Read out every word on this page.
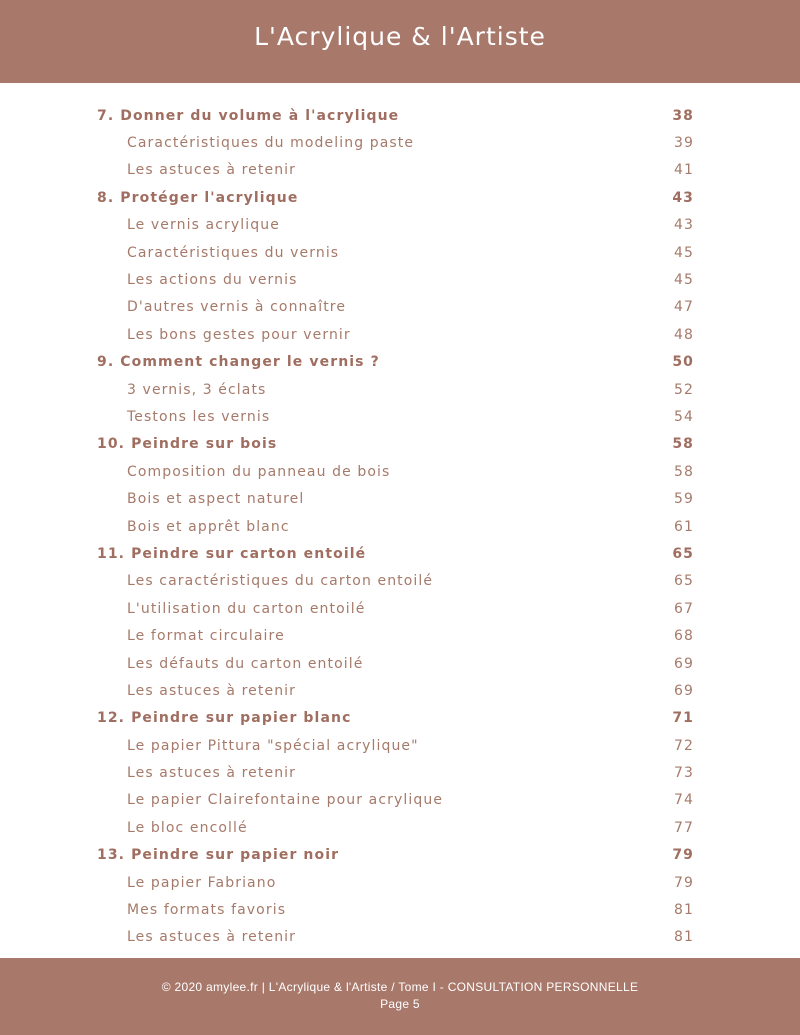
L'Acrylique & l'Artiste
7. Donner du volume à l'acrylique	38
Caractéristiques du modeling paste	39
Les astuces à retenir	41
8. Protéger l'acrylique	43
Le vernis acrylique	43
Caractéristiques du vernis	45
Les actions du vernis	45
D'autres vernis à connaître	47
Les bons gestes pour vernir	48
9. Comment changer le vernis ?	50
3 vernis, 3 éclats	52
Testons les vernis	54
10. Peindre sur bois	58
Composition du panneau de bois	58
Bois et aspect naturel	59
Bois et apprêt blanc	61
11. Peindre sur carton entoilé	65
Les caractéristiques du carton entoilé	65
L'utilisation du carton entoilé	67
Le format circulaire	68
Les défauts du carton entoilé	69
Les astuces à retenir	69
12. Peindre sur papier blanc	71
Le papier Pittura "spécial acrylique"	72
Les astuces à retenir	73
Le papier Clairefontaine pour acrylique	74
Le bloc encollé	77
13. Peindre sur papier noir	79
Le papier Fabriano	79
Mes formats favoris	81
Les astuces à retenir	81
© 2020 amylee.fr | L'Acrylique & l'Artiste / Tome I - CONSULTATION PERSONNELLE
Page 5
